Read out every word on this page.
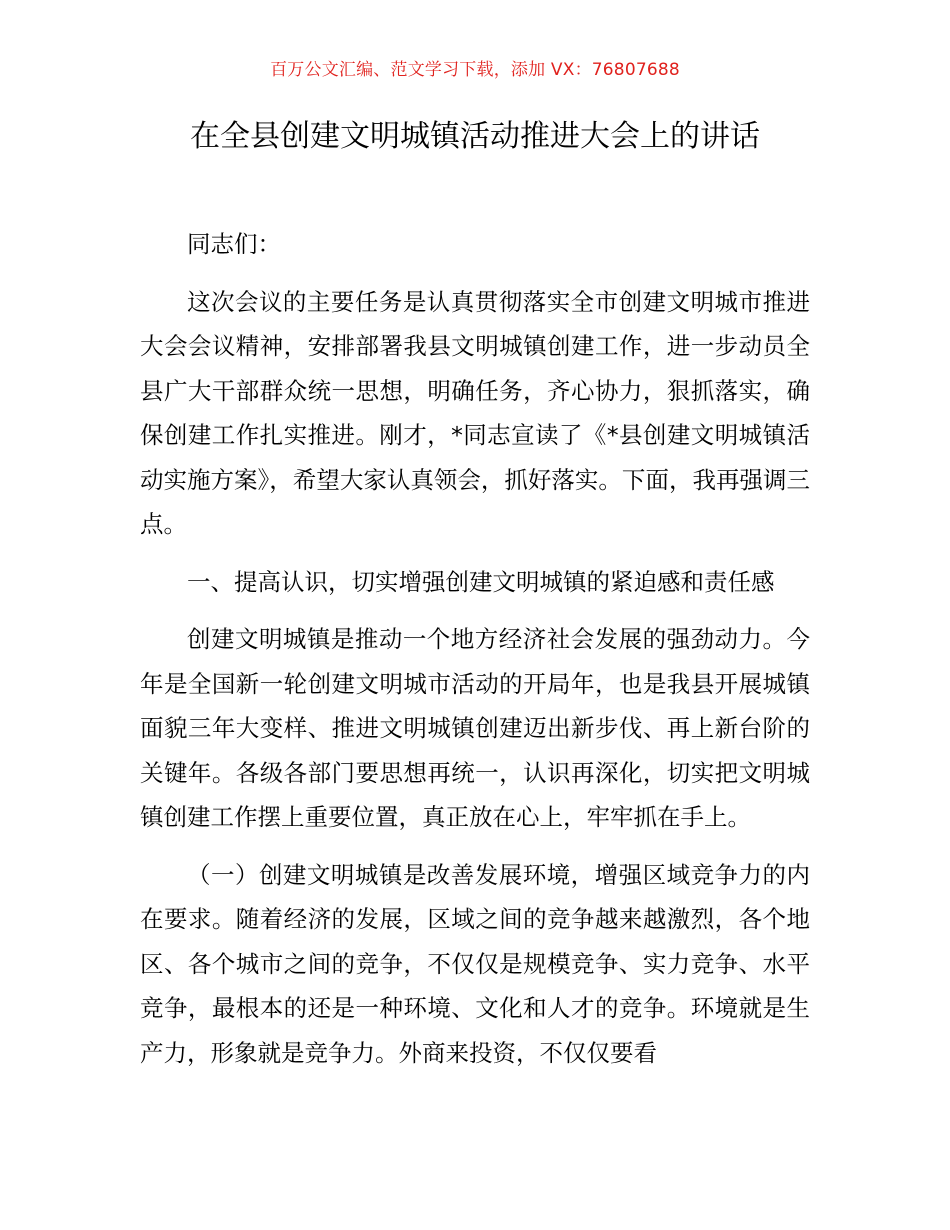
百万公文汇编、范文学习下载，添加 VX：76807688
在全县创建文明城镇活动推进大会上的讲话

同志们：

这次会议的主要任务是认真贯彻落实全市创建文明城市推进大会会议精神，安排部署我县文明城镇创建工作，进一步动员全县广大干部群众统一思想，明确任务，齐心协力，狠抓落实，确保创建工作扎实推进。刚才，*同志宣读了《*县创建文明城镇活动实施方案》，希望大家认真领会，抓好落实。下面，我再强调三点。

一、提高认识，切实增强创建文明城镇的紧迫感和责任感

创建文明城镇是推动一个地方经济社会发展的强劲动力。今年是全国新一轮创建文明城市活动的开局年，也是我县开展城镇面貌三年大变样、推进文明城镇创建迈出新步伐、再上新台阶的关键年。各级各部门要思想再统一，认识再深化，切实把文明城镇创建工作摆上重要位置，真正放在心上，牢牢抓在手上。

（一）创建文明城镇是改善发展环境，增强区域竞争力的内在要求。随着经济的发展，区域之间的竞争越来越激烈，各个地区、各个城市之间的竞争，不仅仅是规模竞争、实力竞争、水平竞争，最根本的还是一种环境、文化和人才的竞争。环境就是生产力，形象就是竞争力。外商来投资，不仅仅要看
